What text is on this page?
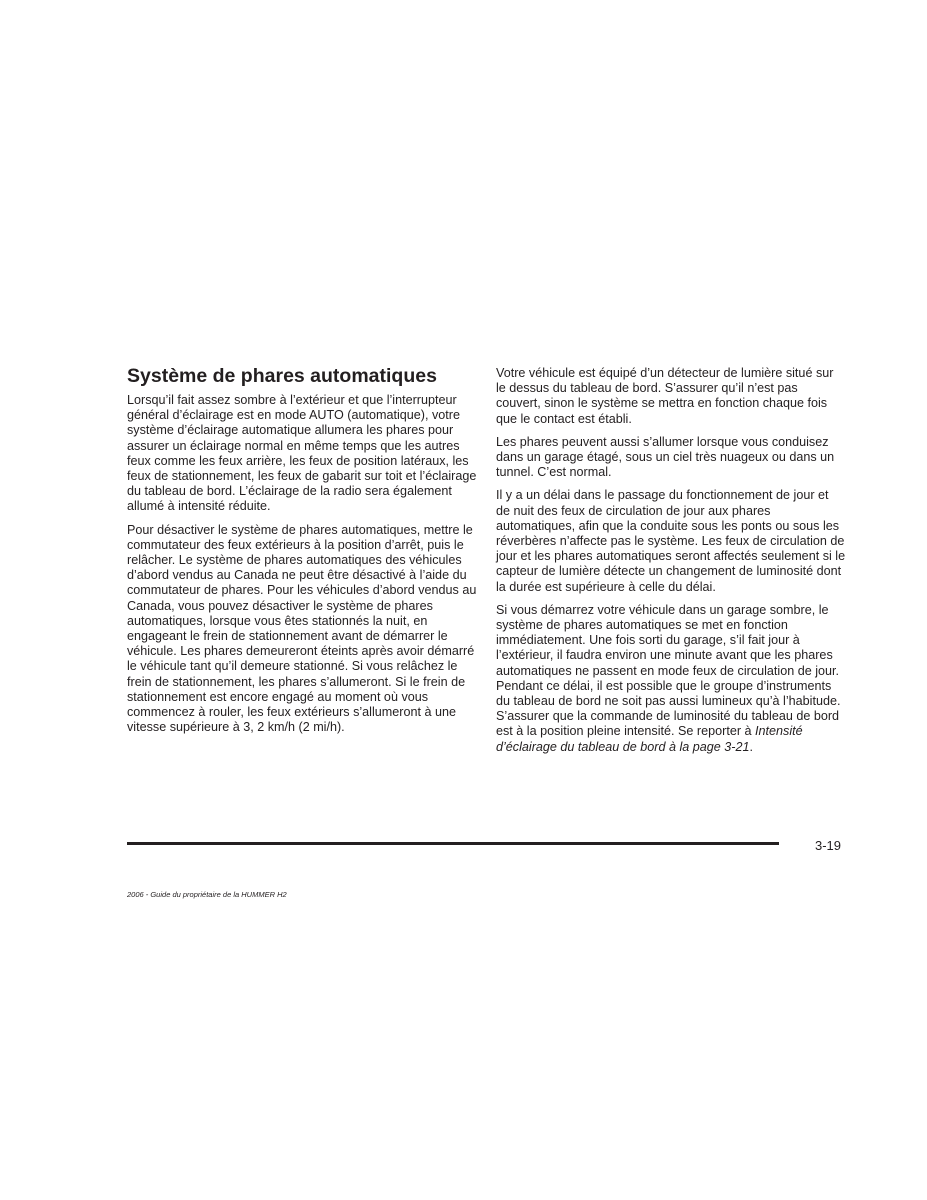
Système de phares automatiques

Lorsqu’il fait assez sombre à l’extérieur et que l’interrupteur général d’éclairage est en mode AUTO (automatique), votre système d’éclairage automatique allumera les phares pour assurer un éclairage normal en même temps que les autres feux comme les feux arrière, les feux de position latéraux, les feux de stationnement, les feux de gabarit sur toit et l’éclairage du tableau de bord. L’éclairage de la radio sera également allumé à intensité réduite.

Pour désactiver le système de phares automatiques, mettre le commutateur des feux extérieurs à la position d’arrêt, puis le relâcher. Le système de phares automatiques des véhicules d’abord vendus au Canada ne peut être désactivé à l’aide du commutateur de phares. Pour les véhicules d’abord vendus au Canada, vous pouvez désactiver le système de phares automatiques, lorsque vous êtes stationnés la nuit, en engageant le frein de stationnement avant de démarrer le véhicule. Les phares demeureront éteints après avoir démarré le véhicule tant qu’il demeure stationné. Si vous relâchez le frein de stationnement, les phares s’allumeront. Si le frein de stationnement est encore engagé au moment où vous commencez à rouler, les feux extérieurs s’allumeront à une vitesse supérieure à 3, 2 km/h (2 mi/h).

Votre véhicule est équipé d’un détecteur de lumière situé sur le dessus du tableau de bord. S’assurer qu’il n’est pas couvert, sinon le système se mettra en fonction chaque fois que le contact est établi.

Les phares peuvent aussi s’allumer lorsque vous conduisez dans un garage étagé, sous un ciel très nuageux ou dans un tunnel. C’est normal.

Il y a un délai dans le passage du fonctionnement de jour et de nuit des feux de circulation de jour aux phares automatiques, afin que la conduite sous les ponts ou sous les réverbères n’affecte pas le système. Les feux de circulation de jour et les phares automatiques seront affectés seulement si le capteur de lumière détecte un changement de luminosité dont la durée est supérieure à celle du délai.

Si vous démarrez votre véhicule dans un garage sombre, le système de phares automatiques se met en fonction immédiatement. Une fois sorti du garage, s’il fait jour à l’extérieur, il faudra environ une minute avant que les phares automatiques ne passent en mode feux de circulation de jour. Pendant ce délai, il est possible que le groupe d’instruments du tableau de bord ne soit pas aussi lumineux qu’à l’habitude. S’assurer que la commande de luminosité du tableau de bord est à la position pleine intensité. Se reporter à Intensité d’éclairage du tableau de bord à la page 3-21.

3-19
2006 - Guide du propriétaire de la HUMMER H2
